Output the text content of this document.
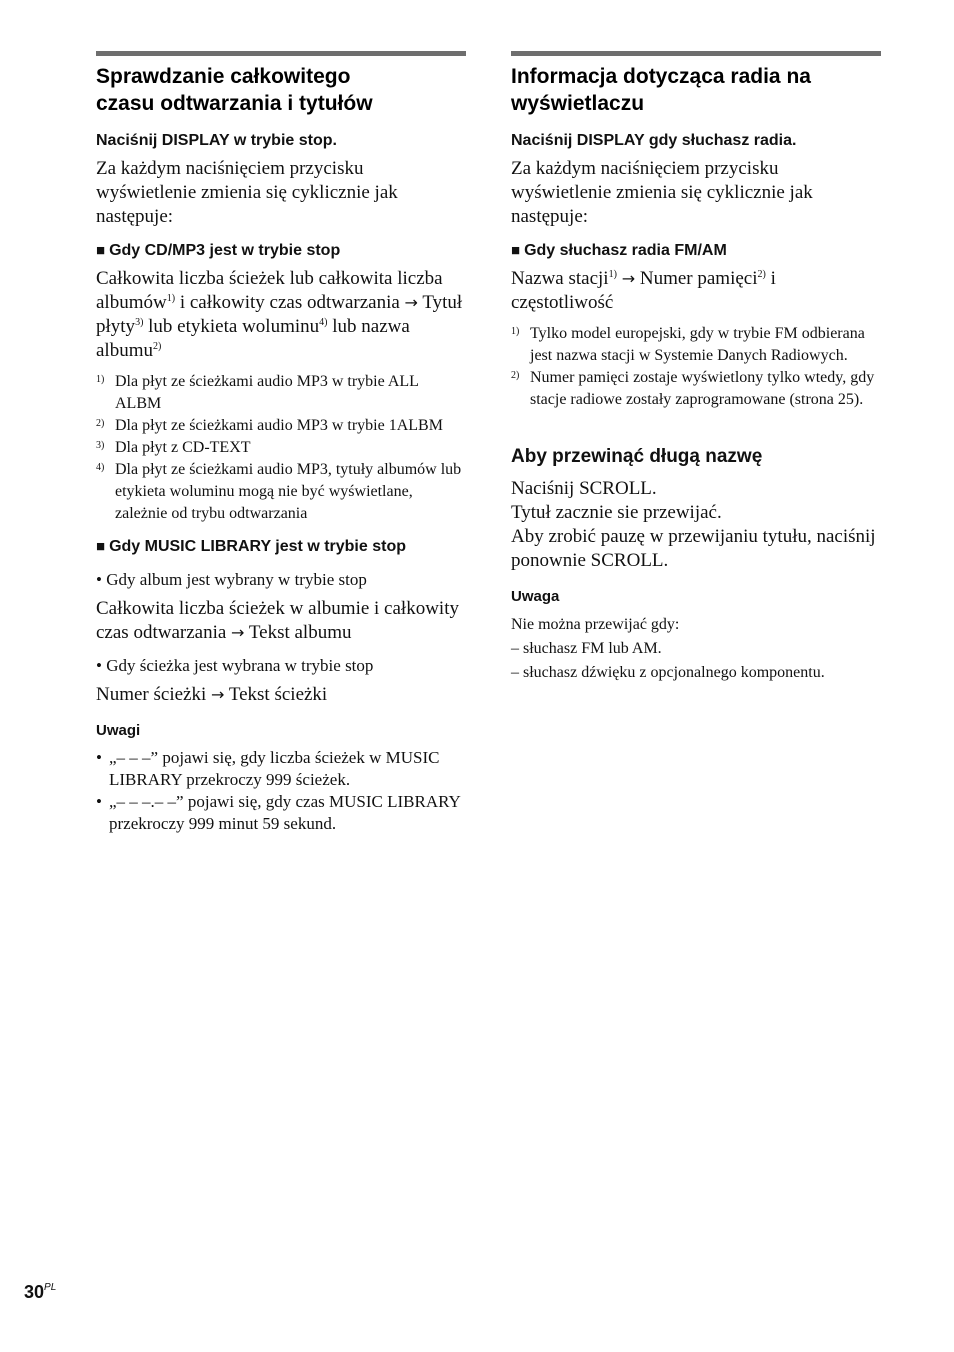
Sprawdzanie całkowitego
czasu odtwarzania i tytułów

Naciśnij DISPLAY w trybie stop.

Za każdym naciśnięciem przycisku wyświetlenie zmienia się cyklicznie jak następuje:

■ Gdy CD/MP3 jest w trybie stop

Całkowita liczba ścieżek lub całkowita liczba albumów$^{1)}$ i całkowity czas odtwarzania → Tytuł płyty$^{3)}$ lub etykieta woluminu$^{4)}$ lub nazwa albumu$^{2)}$

1) Dla płyt ze ścieżkami audio MP3 w trybie ALL ALBM

2) Dla płyt ze ścieżkami audio MP3 w trybie 1ALBM

3) Dla płyt z CD-TEXT

4) Dla płyt ze ścieżkami audio MP3, tytuły albumów lub etykieta woluminu mogą nie być wyświetlane, zależnie od trybu odtwarzania

■ Gdy MUSIC LIBRARY jest w trybie stop

• Gdy album jest wybrany w trybie stop

Całkowita liczba ścieżek w albumie i całkowity czas odtwarzania → Tekst albumu

• Gdy ścieżka jest wybrana w trybie stop

Numer ścieżki → Tekst ścieżki

Uwagi

• „– – –” pojawi się, gdy liczba ścieżek w MUSIC LIBRARY przekroczy 999 ścieżek.

• „– – –.– –” pojawi się, gdy czas MUSIC LIBRARY przekroczy 999 minut 59 sekund.

Informacja dotycząca radia na
wyświetlaczu

Naciśnij DISPLAY gdy słuchasz radia.

Za każdym naciśnięciem przycisku wyświetlenie zmienia się cyklicznie jak następuje:

■ Gdy słuchasz radia FM/AM

Nazwa stacji$^{1)}$ → Numer pamięci$^{2)}$ i częstotliwość

1) Tylko model europejski, gdy w trybie FM odbierana jest nazwa stacji w Systemie Danych Radiowych.

2) Numer pamięci zostaje wyświetlony tylko wtedy, gdy stacje radiowe zostały zaprogramowane (strona 25).

Aby przewinąć długą nazwę

Naciśnij SCROLL.
Tytuł zacznie sie przewijać.
Aby zrobić pauzę w przewijaniu tytułu, naciśnij ponownie SCROLL.

Uwaga

Nie można przewijać gdy:

– słuchasz FM lub AM.

– słuchasz dźwięku z opcjonalnego komponentu.

$30^{PL}$
